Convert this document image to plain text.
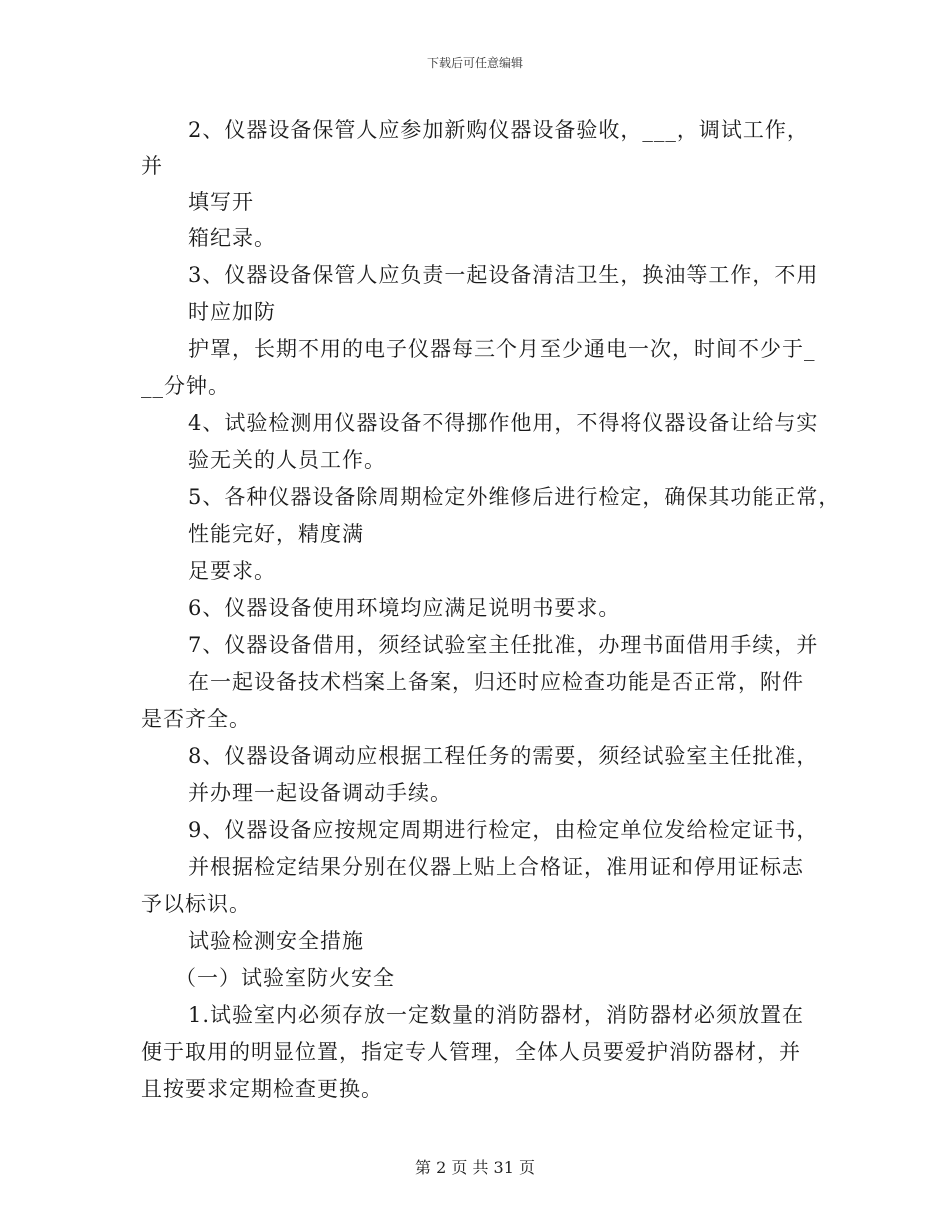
下载后可任意编辑
2、仪器设备保管人应参加新购仪器设备验收，___，调试工作，
并
填写开
箱纪录。
3、仪器设备保管人应负责一起设备清洁卫生，换油等工作，不用
时应加防
护罩，长期不用的电子仪器每三个月至少通电一次，时间不少于_
__分钟。
4、试验检测用仪器设备不得挪作他用，不得将仪器设备让给与实
验无关的人员工作。
5、各种仪器设备除周期检定外维修后进行检定，确保其功能正常，
性能完好，精度满
足要求。
6、仪器设备使用环境均应满足说明书要求。
7、仪器设备借用，须经试验室主任批准，办理书面借用手续，并
在一起设备技术档案上备案，归还时应检查功能是否正常，附件
是否齐全。
8、仪器设备调动应根据工程任务的需要，须经试验室主任批准，
并办理一起设备调动手续。
9、仪器设备应按规定周期进行检定，由检定单位发给检定证书，
并根据检定结果分别在仪器上贴上合格证，准用证和停用证标志
予以标识。
试验检测安全措施
（一）试验室防火安全
1.试验室内必须存放一定数量的消防器材，消防器材必须放置在
便于取用的明显位置，指定专人管理，全体人员要爱护消防器材，并
且按要求定期检查更换。
第 2 页 共 31 页
